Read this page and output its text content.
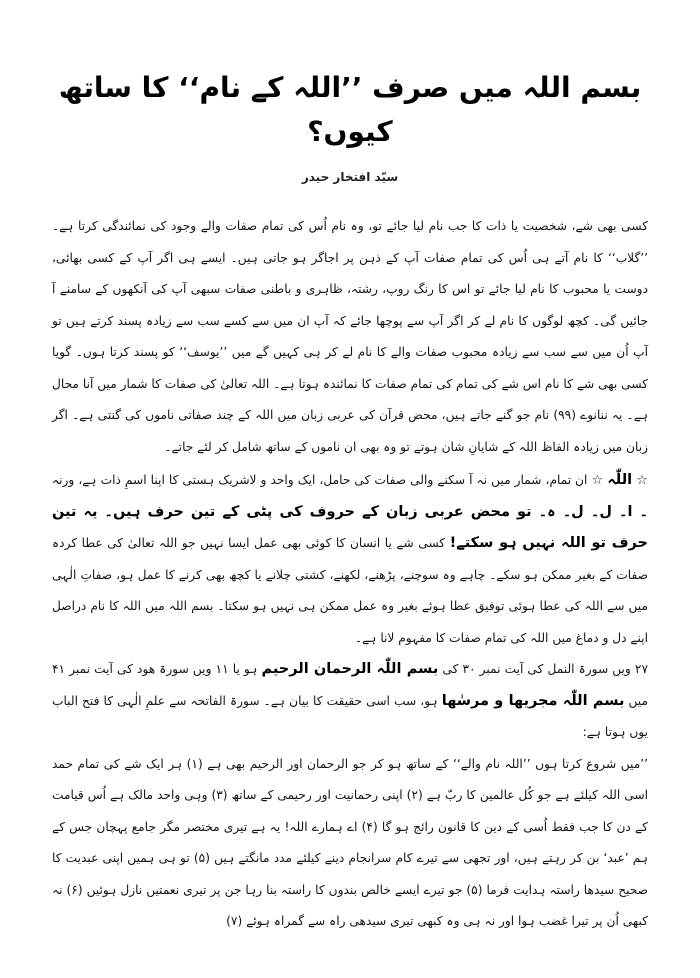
بسم اللہ میں صرف ’’اللہ کے نام‘‘ کا ساتھ کیوں؟
سیّد افتخار حیدر

کسی بھی شے، شخصیت یا ذات کا جب نام لیا جائے تو، وہ نام اُس کی تمام صفات والے وجود کی نمائندگی کرتا ہے۔ ’’گلاب‘‘ کا نام آتے ہی اُس کی تمام صفات آپ کے ذہن پر اجاگر ہو جاتی ہیں۔ ایسے ہی اگر آپ کے کسی بھائی، دوست یا محبوب کا نام لیا جائے تو اس کا رنگ روپ، رشتہ، ظاہری و باطنی صفات سبھی آپ کی آنکھوں کے سامنے آ جائیں گی۔ کچھ لوگوں کا نام لے کر اگر آپ سے پوچھا جائے کہ آپ ان میں سے کسے سب سے زیادہ پسند کرتے ہیں تو آپ اُن میں سے سب سے زیادہ محبوب صفات والے کا نام لے کر ہی کہیں گے میں ’’یوسف‘‘ کو پسند کرتا ہوں۔ گویا کسی بھی شے کا نام اس شے کی تمام کی تمام صفات کا نمائندہ ہوتا ہے۔ اللہ تعالیٰ کی صفات کا شمار میں آنا محال ہے۔ یہ ننانوے (۹۹) نام جو گنے جاتے ہیں، محض قرآن کی عربی زبان میں اللہ کے چند صفاتی ناموں کی گنتی ہے۔ اگر زبان میں زیادہ الفاظ اللہ کے شایانِ شان ہوتے تو وہ بھی ان ناموں کے ساتھ شامل کر لئے جاتے۔

☆ اللّٰہ ☆ ان تمام، شمار میں نہ آ سکنے والی صفات کی حامل، ایک واحد و لاشریک ہستی کا اپنا اسمِ ذات ہے، ورنہ ۔ ا۔ ل۔ ل۔ ہ۔ تو محض عربی زبان کے حروف کی پٹی کے تین حرف ہیں۔ یہ تین حرف تو اللہ نہیں ہو سکتے! کسی شے یا انسان کا کوئی بھی عمل ایسا نہیں جو اللہ تعالیٰ کی عطا کردہ صفات کے بغیر ممکن ہو سکے۔ چاہے وہ سوچنے، پڑھنے، لکھنے، کشتی چلانے یا کچھ بھی کرنے کا عمل ہو، صفاتِ الٰہی میں سے اللہ کی عطا ہوئی توفیق عطا ہوئے بغیر وہ عمل ممکن ہی نہیں ہو سکتا۔ بسم اللہ میں اللہ کا نام دراصل اپنے دل و دماغ میں اللہ کی تمام صفات کا مفہوم لانا ہے۔

۲۷ ویں سورۃ النمل کی آیت نمبر ۳۰ کی بسم اللّٰہ الرحمان الرحیم ہو یا ۱۱ ویں سورۃ ھود کی آیت نمبر ۴۱ میں بسم اللّٰہ مجریھا و مرسٰھا ہو، سب اسی حقیقت کا بیان ہے۔ سورۃ الفاتحہ سے علمِ الٰہی کا فتح الباب یوں ہوتا ہے:

’’میں شروع کرتا ہوں ’’اللہ نام والے‘‘ کے ساتھ ہو کر جو الرحمان اور الرحیم بھی ہے (۱) ہر ایک شے کی تمام حمد اسی اللہ کیلئے ہے جو کُل عالمین کا ربّ ہے (۲) اپنی رحمانیت اور رحیمی کے ساتھ (۳) وہی واحد مالک ہے اُس قیامت کے دن کا جب فقط اُسی کے دین کا قانون رائج ہو گا (۴) اے ہمارے اللہ! یہ ہے تیری مختصر مگر جامع پہچان جس کے ہم ’عبد‘ بن کر رہتے ہیں، اور تجھی سے تیرے کام سرانجام دینے کیلئے مدد مانگتے ہیں (۵) تو ہی ہمیں اپنی عبدیت کا صحیح سیدھا راستہ ہدایت فرما (۵) جو تیرے ایسے خالص بندوں کا راستہ بنا رہا جن پر تیری نعمتیں نازل ہوئیں (۶) نہ کبھی اُن پر تیرا غضب ہوا اور نہ ہی وہ کبھی تیری سیدھی راہ سے گمراہ ہوئے (۷)
